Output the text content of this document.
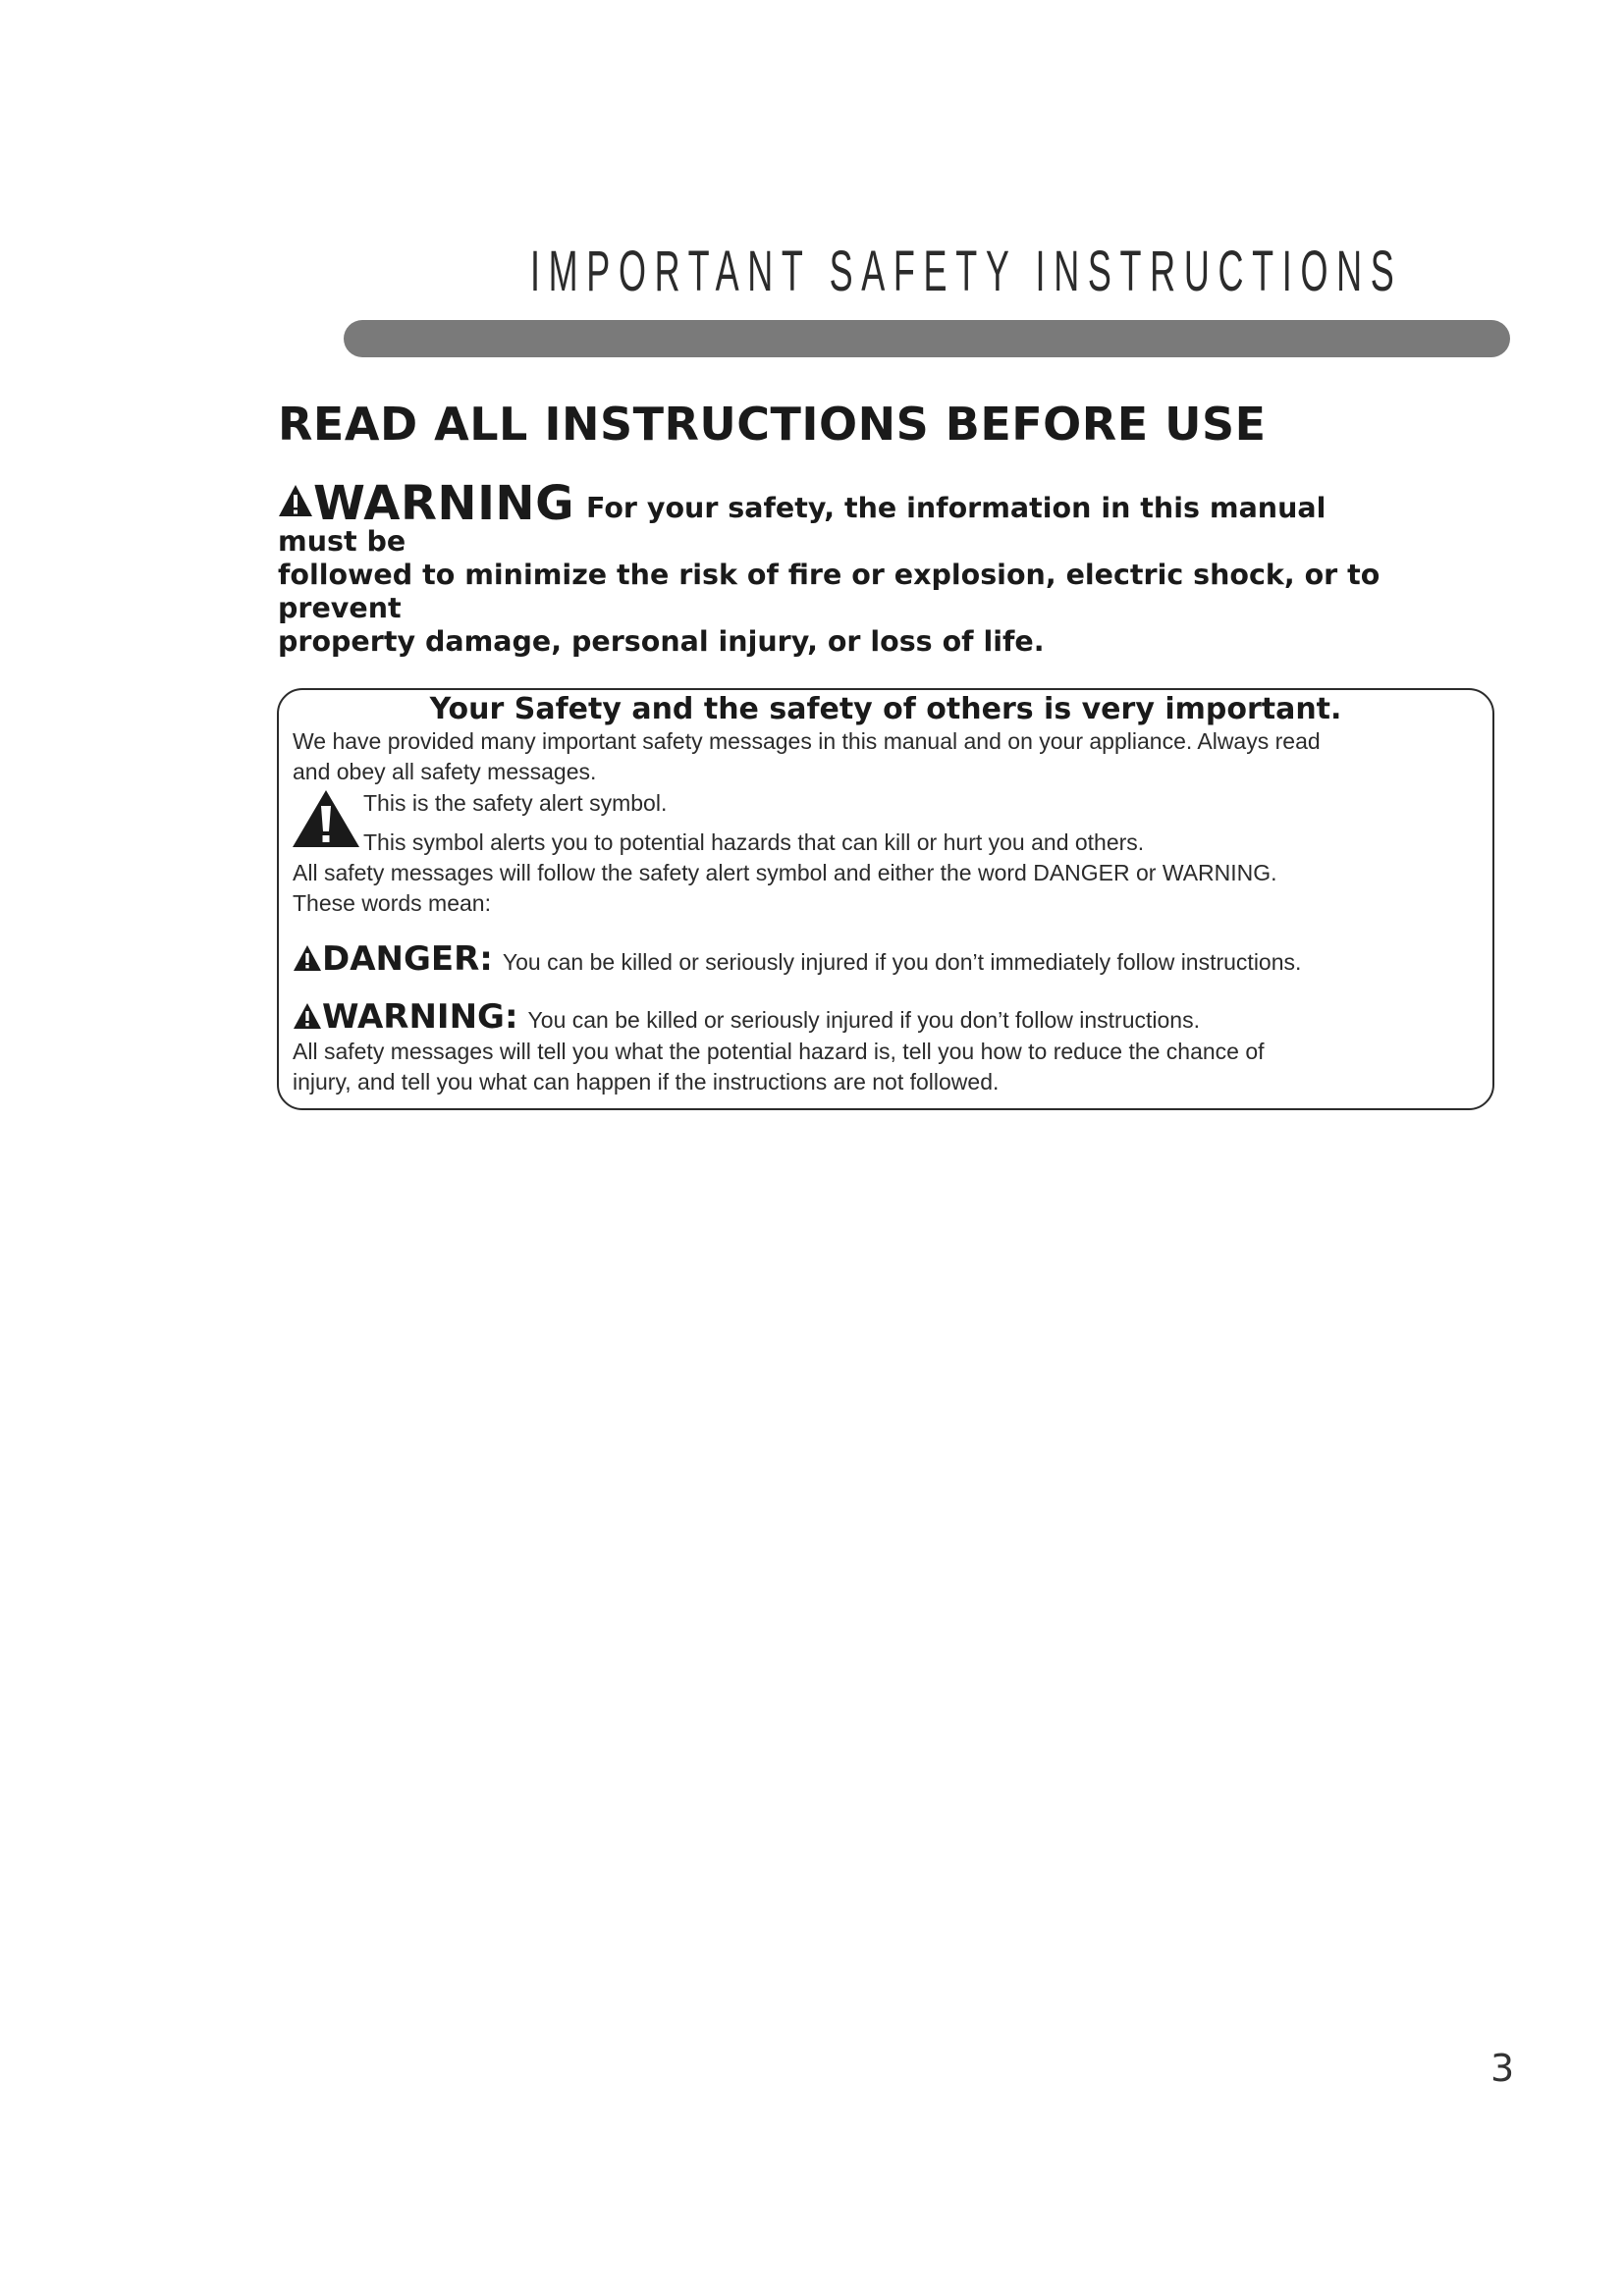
IMPORTANT SAFETY INSTRUCTIONS
READ ALL INSTRUCTIONS BEFORE USE
WARNING For your safety, the information in this manual must be
followed to minimize the risk of fire or explosion, electric shock, or to prevent
property damage, personal injury, or loss of life.
Your Safety and the safety of others is very important.
We have provided many important safety messages in this manual and on your appliance. Always read
and obey all safety messages.
This is the safety alert symbol.
This symbol alerts you to potential hazards that can kill or hurt you and others.
All safety messages will follow the safety alert symbol and either the word DANGER or WARNING.
These words mean:
DANGER: You can be killed or seriously injured if you don’t immediately follow instructions.
WARNING: You can be killed or seriously injured if you don’t follow instructions.
All safety messages will tell you what the potential hazard is, tell you how to reduce the chance of
injury, and tell you what can happen if the instructions are not followed.
3
